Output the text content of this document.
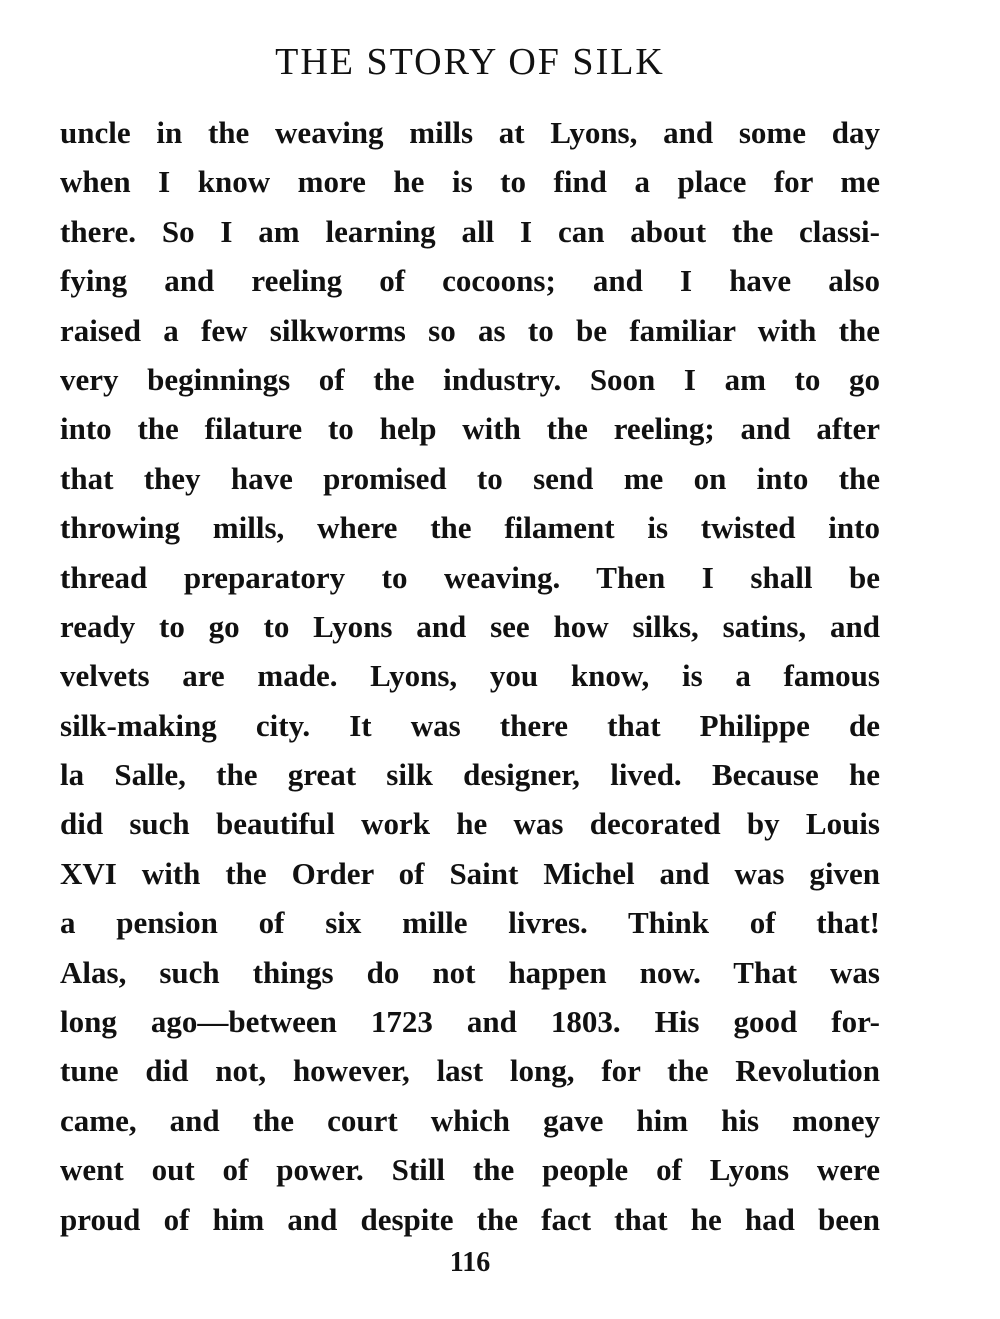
THE STORY OF SILK
uncle in the weaving mills at Lyons, and some day
when I know more he is to find a place for me
there. So I am learning all I can about the classi-
fying and reeling of cocoons; and I have also
raised a few silkworms so as to be familiar with the
very beginnings of the industry. Soon I am to go
into the filature to help with the reeling; and after
that they have promised to send me on into the
throwing mills, where the filament is twisted into
thread preparatory to weaving. Then I shall be
ready to go to Lyons and see how silks, satins, and
velvets are made. Lyons, you know, is a famous
silk-making city. It was there that Philippe de
la Salle, the great silk designer, lived. Because he
did such beautiful work he was decorated by Louis
XVI with the Order of Saint Michel and was given
a pension of six mille livres. Think of that!
Alas, such things do not happen now. That was
long ago—between 1723 and 1803. His good for-
tune did not, however, last long, for the Revolution
came, and the court which gave him his money
went out of power. Still the people of Lyons were
proud of him and despite the fact that he had been
116
